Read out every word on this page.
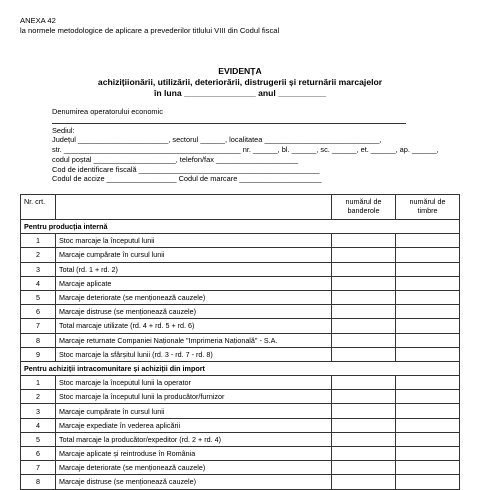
ANEXA 42
la normele metodologice de aplicare a prevederilor titlului VIII din Codul fiscal
EVIDENȚA
achizițiionării, utilizării, deteriorării, distrugerii și returnării marcajelor
în luna _______________ anul __________
Denumirea operatorului economic
Sediul:
Județul ______________________, sectorul ______, localitatea ____________________________,
str. ___________________________________________ nr. ______, bl. ______, sc. ______, et. ______, ap. ______,
codul poștal ____________________, telefon/fax ____________________
Cod de identificare fiscală ____________________________________________
Codul de accize _________________ Codul de marcare ____________________
Nr. crt.		numărul de banderole	numărul de timbre
Pentru producția internă			
1	Stoc marcaje la începutul lunii		
2	Marcaje cumpărate în cursul lunii		
3	Total (rd. 1 + rd. 2)		
4	Marcaje aplicate		
5	Marcaje deteriorate (se menționează cauzele)		
6	Marcaje distruse (se menționează cauzele)		
7	Total marcaje utilizate (rd. 4 + rd. 5 + rd. 6)		
8	Marcaje returnate Companiei Naționale "Imprimeria Națională" - S.A.		
9	Stoc marcaje la sfârșitul lunii (rd. 3 - rd. 7 - rd. 8)		
Pentru achiziții intracomunitare și achiziții din import			
1	Stoc marcaje la începutul lunii la operator		
2	Stoc marcaje la începutul lunii la producător/furnizor		
3	Marcaje cumpărate în cursul lunii		
4	Marcaje expediate în vederea aplicării		
5	Total marcaje la producător/expeditor (rd. 2 + rd. 4)		
6	Marcaje aplicate și reintroduse în România		
7	Marcaje deteriorate (se menționează cauzele)		
8	Marcaje distruse (se menționează cauzele)		
